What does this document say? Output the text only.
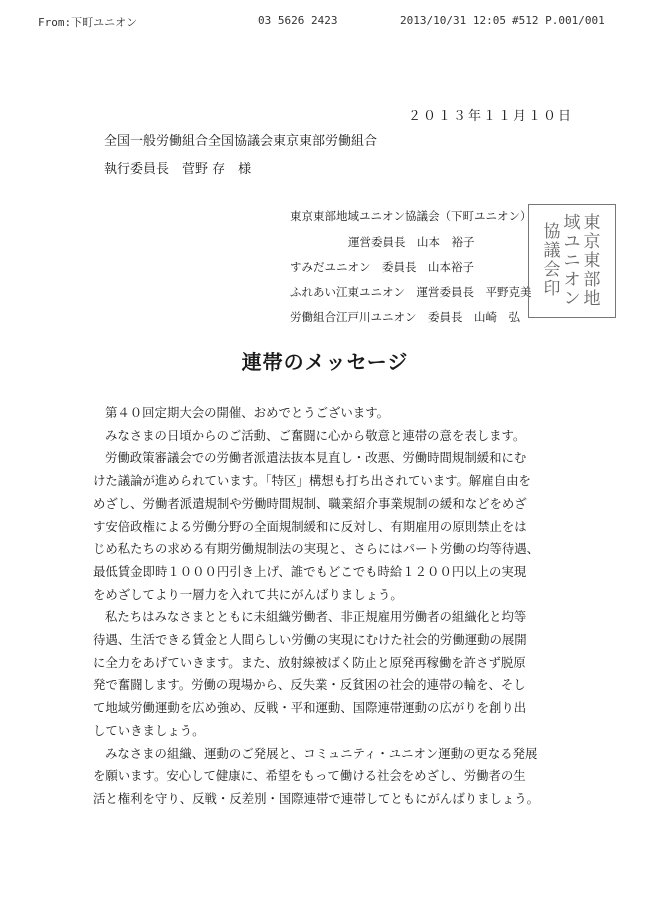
From:下町ユニオン	03 5626 2423	2013/10/31 12:05 #512 P.001/001
２０１３年１１月１０日
全国一般労働組合全国協議会東京東部労働組合
執行委員長　菅野 存　様
東京東部地域ユニオン協議会（下町ユニオン）
運営委員長　山本　裕子
すみだユニオン　委員長　山本裕子
ふれあい江東ユニオン　運営委員長　平野克美
労働組合江戸川ユニオン　委員長　山崎　弘
東
京
東
部
地
域
ユ
ニ
オ
ン
協
議
会
印
連帯のメッセージ

第４０回定期大会の開催、おめでとうございます。

みなさまの日頃からのご活動、ご奮闘に心から敬意と連帯の意を表します。

労働政策審議会での労働者派遣法抜本見直し・改悪、労働時間規制緩和にむ
けた議論が進められています。「特区」構想も打ち出されています。解雇自由を
めざし、労働者派遣規制や労働時間規制、職業紹介事業規制の緩和などをめざ
す安倍政権による労働分野の全面規制緩和に反対し、有期雇用の原則禁止をは
じめ私たちの求める有期労働規制法の実現と、さらにはパート労働の均等待遇、
最低賃金即時１０００円引き上げ、誰でもどこでも時給１２００円以上の実現
をめざしてより一層力を入れて共にがんばりましょう。

私たちはみなさまとともに未組織労働者、非正規雇用労働者の組織化と均等
待遇、生活できる賃金と人間らしい労働の実現にむけた社会的労働運動の展開
に全力をあげていきます。また、放射線被ばく防止と原発再稼働を許さず脱原
発で奮闘します。労働の現場から、反失業・反貧困の社会的連帯の輪を、そし
て地域労働運動を広め強め、反戦・平和運動、国際連帯運動の広がりを創り出
していきましょう。

みなさまの組織、運動のご発展と、コミュニティ・ユニオン運動の更なる発展
を願います。安心して健康に、希望をもって働ける社会をめざし、労働者の生
活と権利を守り、反戦・反差別・国際連帯で連帯してともにがんばりましょう。
